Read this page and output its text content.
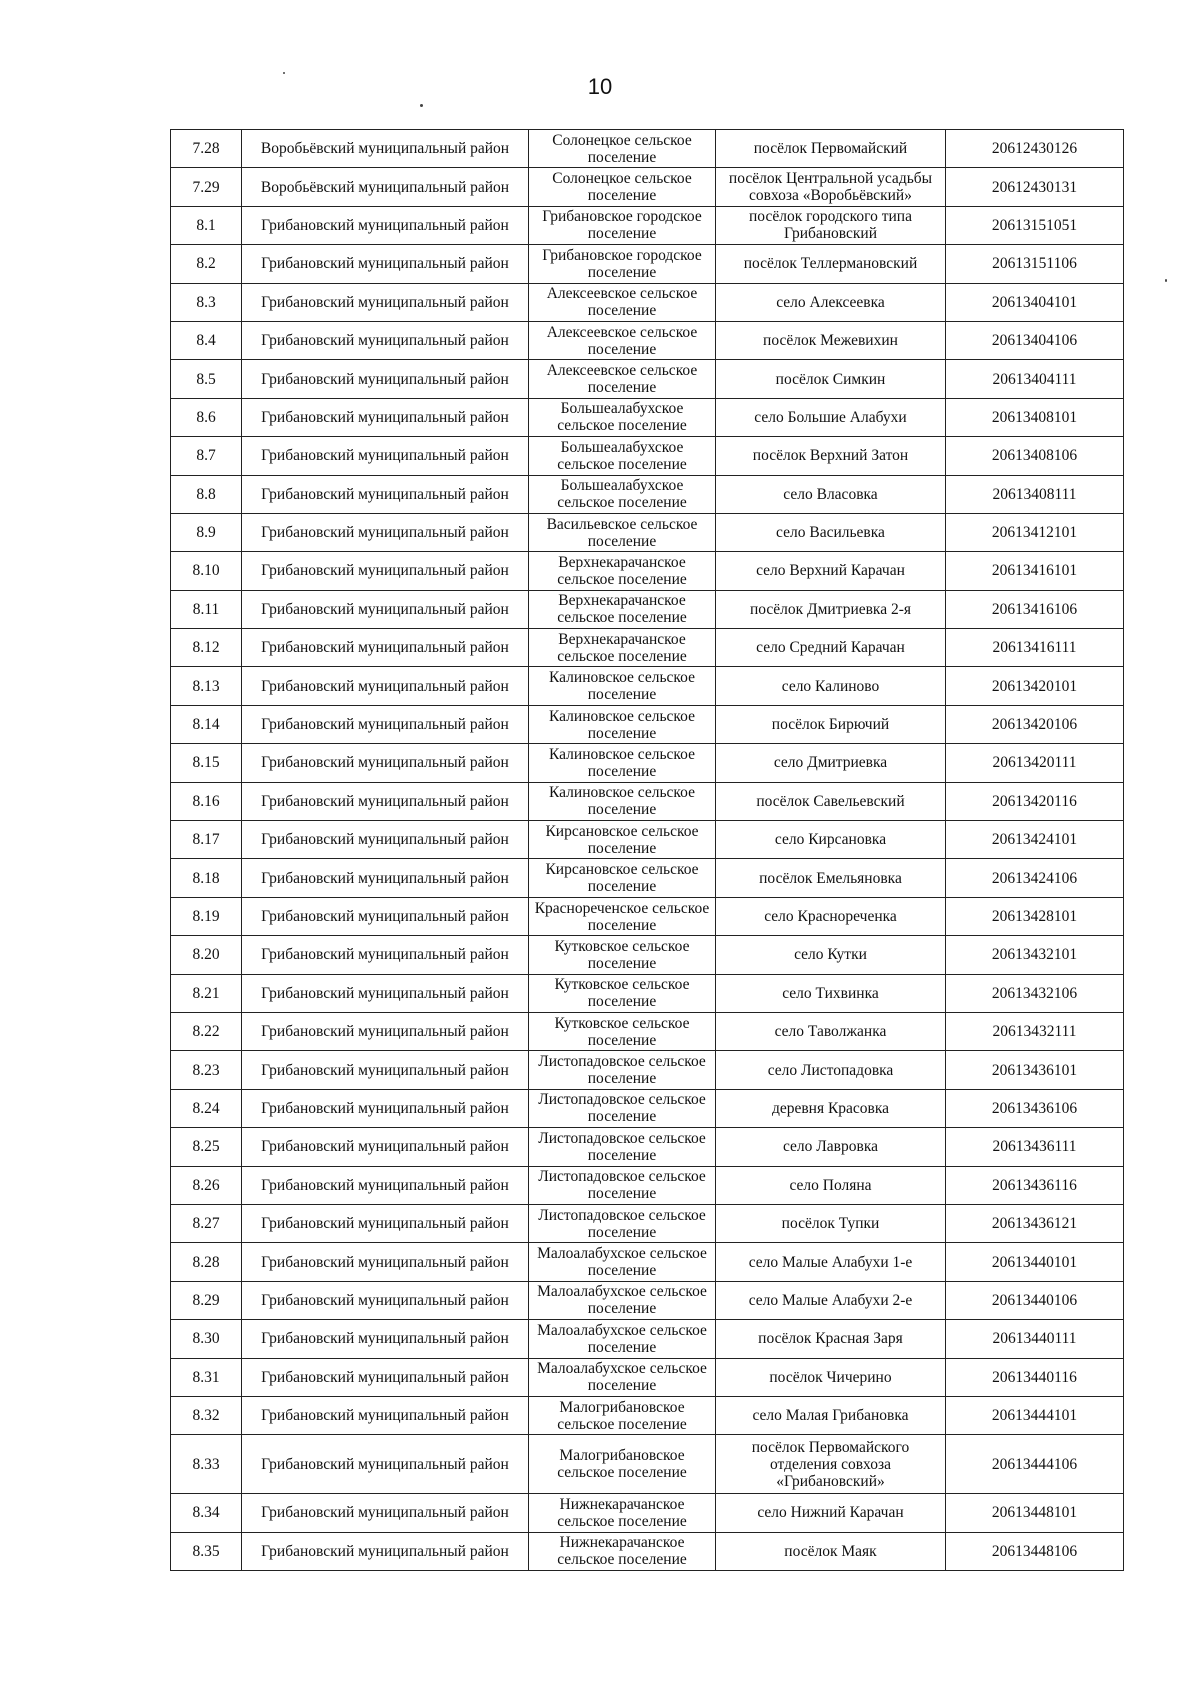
10
7.28	Воробьёвский муниципальный район	Солонецкое сельское поселение	посёлок Первомайский	20612430126
7.29	Воробьёвский муниципальный район	Солонецкое сельское поселение	посёлок Центральной усадьбы совхоза «Воробьёвский»	20612430131
8.1	Грибановский муниципальный район	Грибановское городское поселение	посёлок городского типа Грибановский	20613151051
8.2	Грибановский муниципальный район	Грибановское городское поселение	посёлок Теллермановский	20613151106
8.3	Грибановский муниципальный район	Алексеевское сельское поселение	село Алексеевка	20613404101
8.4	Грибановский муниципальный район	Алексеевское сельское поселение	посёлок Межевихин	20613404106
8.5	Грибановский муниципальный район	Алексеевское сельское поселение	посёлок Симкин	20613404111
8.6	Грибановский муниципальный район	Большеалабухское сельское поселение	село Большие Алабухи	20613408101
8.7	Грибановский муниципальный район	Большеалабухское сельское поселение	посёлок Верхний Затон	20613408106
8.8	Грибановский муниципальный район	Большеалабухское сельское поселение	село Власовка	20613408111
8.9	Грибановский муниципальный район	Васильевское сельское поселение	село Васильевка	20613412101
8.10	Грибановский муниципальный район	Верхнекарачанское сельское поселение	село Верхний Карачан	20613416101
8.11	Грибановский муниципальный район	Верхнекарачанское сельское поселение	посёлок Дмитриевка 2-я	20613416106
8.12	Грибановский муниципальный район	Верхнекарачанское сельское поселение	село Средний Карачан	20613416111
8.13	Грибановский муниципальный район	Калиновское сельское поселение	село Калиново	20613420101
8.14	Грибановский муниципальный район	Калиновское сельское поселение	посёлок Бирючий	20613420106
8.15	Грибановский муниципальный район	Калиновское сельское поселение	село Дмитриевка	20613420111
8.16	Грибановский муниципальный район	Калиновское сельское поселение	посёлок Савельевский	20613420116
8.17	Грибановский муниципальный район	Кирсановское сельское поселение	село Кирсановка	20613424101
8.18	Грибановский муниципальный район	Кирсановское сельское поселение	посёлок Емельяновка	20613424106
8.19	Грибановский муниципальный район	Краснореченское сельское поселение	село Краснореченка	20613428101
8.20	Грибановский муниципальный район	Кутковское сельское поселение	село Кутки	20613432101
8.21	Грибановский муниципальный район	Кутковское сельское поселение	село Тихвинка	20613432106
8.22	Грибановский муниципальный район	Кутковское сельское поселение	село Таволжанка	20613432111
8.23	Грибановский муниципальный район	Листопадовское сельское поселение	село Листопадовка	20613436101
8.24	Грибановский муниципальный район	Листопадовское сельское поселение	деревня Красовка	20613436106
8.25	Грибановский муниципальный район	Листопадовское сельское поселение	село Лавровка	20613436111
8.26	Грибановский муниципальный район	Листопадовское сельское поселение	село Поляна	20613436116
8.27	Грибановский муниципальный район	Листопадовское сельское поселение	посёлок Тупки	20613436121
8.28	Грибановский муниципальный район	Малоалабухское сельское поселение	село Малые Алабухи 1-е	20613440101
8.29	Грибановский муниципальный район	Малоалабухское сельское поселение	село Малые Алабухи 2-е	20613440106
8.30	Грибановский муниципальный район	Малоалабухское сельское поселение	посёлок Красная Заря	20613440111
8.31	Грибановский муниципальный район	Малоалабухское сельское поселение	посёлок Чичерино	20613440116
8.32	Грибановский муниципальный район	Малогрибановское сельское поселение	село Малая Грибановка	20613444101
8.33	Грибановский муниципальный район	Малогрибановское сельское поселение	посёлок Первомайского отделения совхоза «Грибановский»	20613444106
8.34	Грибановский муниципальный район	Нижнекарачанское сельское поселение	село Нижний Карачан	20613448101
8.35	Грибановский муниципальный район	Нижнекарачанское сельское поселение	посёлок Маяк	20613448106
